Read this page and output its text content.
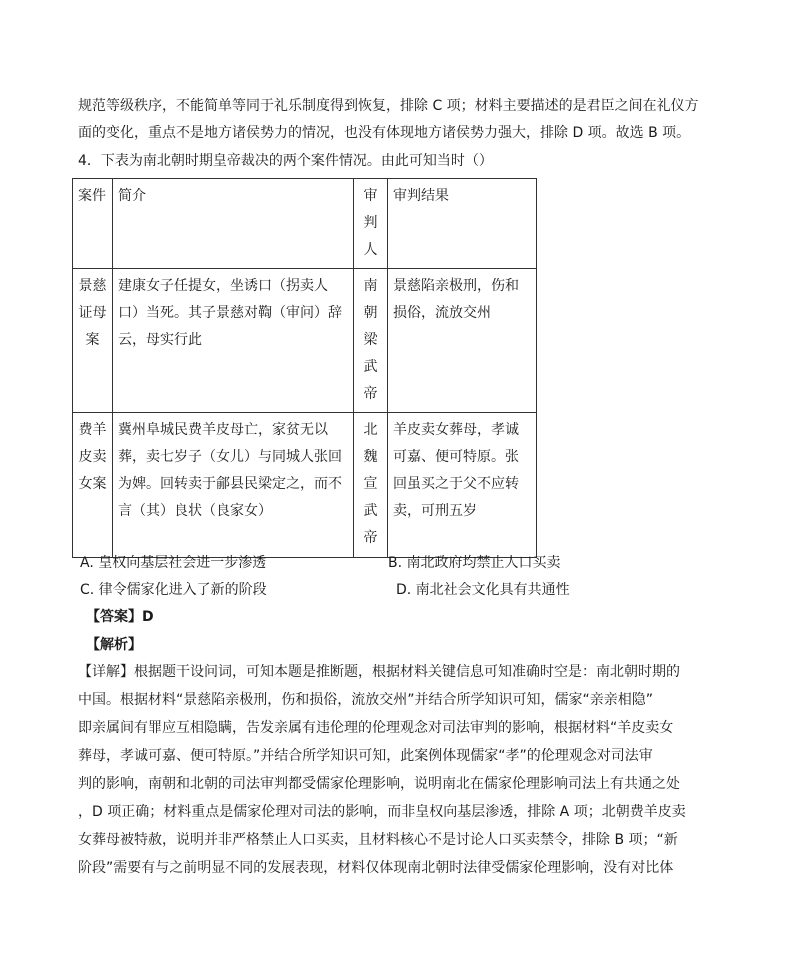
规范等级秩序，不能简单等同于礼乐制度得到恢复，排除 C 项；材料主要描述的是君臣之间在礼仪方
面的变化，重点不是地方诸侯势力的情况，也没有体现地方诸侯势力强大，排除 D 项。故选 B 项。
4．下表为南北朝时期皇帝裁决的两个案件情况。由此可知当时（）
案件	简介	审判人	审判结果
景慈证母案	建康女子任提女，坐诱口（拐卖人口）当死。其子景慈对鞫（审问）辞云，母实行此	南朝梁武帝	景慈陷亲极刑，伤和损俗，流放交州
费羊皮卖女案	冀州阜城民费羊皮母亡，家贫无以葬，卖七岁子（女儿）与同城人张回为婢。回转卖于鄃县民梁定之，而不言（其）良状（良家女）	北魏宣武帝	羊皮卖女葬母，孝诚可嘉、便可特原。张回虽买之于父不应转卖，可刑五岁
A. 皇权向基层社会进一步渗透	B. 南北政府均禁止人口买卖
C. 律令儒家化进入了新的阶段	D. 南北社会文化具有共通性
【答案】D
【解析】
【详解】根据题干设问词，可知本题是推断题，根据材料关键信息可知准确时空是：南北朝时期的
中国。根据材料“景慈陷亲极刑，伤和损俗，流放交州”并结合所学知识可知，儒家“亲亲相隐”
即亲属间有罪应互相隐瞒，告发亲属有违伦理的伦理观念对司法审判的影响，根据材料“羊皮卖女
葬母，孝诚可嘉、便可特原。”并结合所学知识可知，此案例体现儒家“孝”的伦理观念对司法审
判的影响，南朝和北朝的司法审判都受儒家伦理影响，说明南北在儒家伦理影响司法上有共通之处
，D 项正确；材料重点是儒家伦理对司法的影响，而非皇权向基层渗透，排除 A 项；北朝费羊皮卖
女葬母被特赦，说明并非严格禁止人口买卖，且材料核心不是讨论人口买卖禁令，排除 B 项；“新
阶段”需要有与之前明显不同的发展表现，材料仅体现南北朝时法律受儒家伦理影响，没有对比体
